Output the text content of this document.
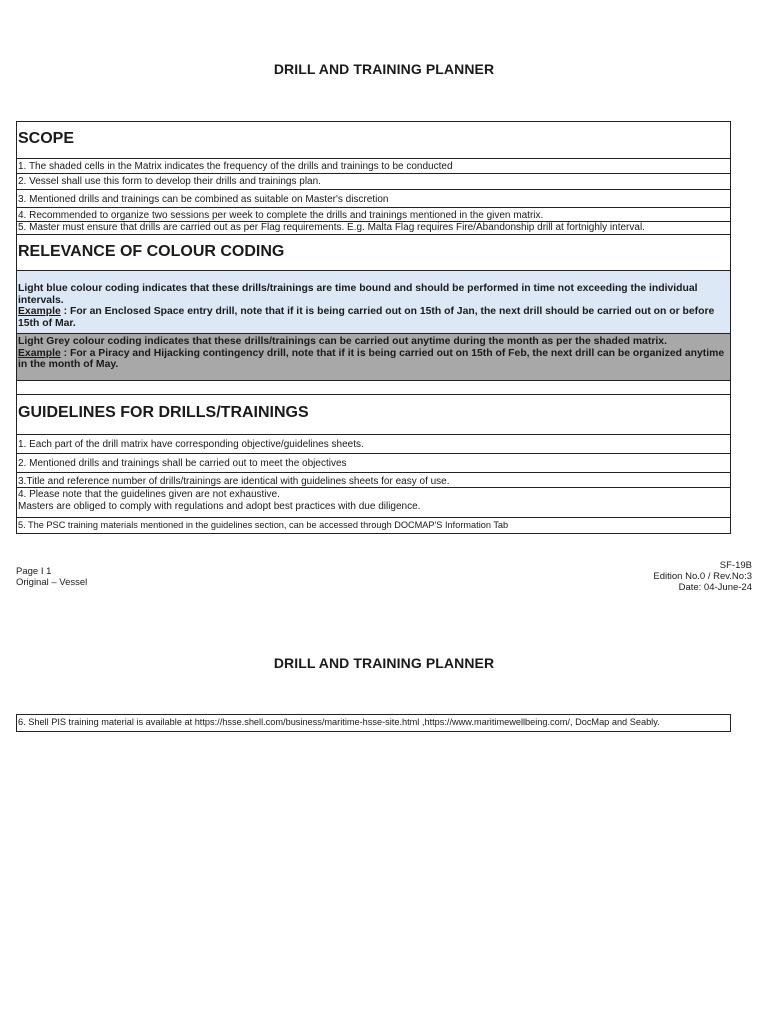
DRILL AND TRAINING PLANNER
SCOPE
1. The shaded cells in the Matrix indicates the frequency of the drills and trainings to be conducted
2. Vessel shall use this form to develop their drills and trainings plan.
3. Mentioned drills and trainings can be combined as suitable on Master's discretion
4. Recommended to organize two sessions per week to complete the drills and trainings mentioned in the given matrix.
5. Master must ensure that drills are carried out as per Flag requirements. E.g. Malta Flag requires Fire/Abandonship drill at fortnighly interval.
RELEVANCE OF COLOUR CODING
Light blue colour coding indicates that these drills/trainings are time bound and should be performed in time not exceeding the individual intervals.
Example : For an Enclosed Space entry drill, note that if it is being carried out on 15th of Jan, the next drill should be carried out on or before 15th of Mar.
Light Grey colour coding indicates that these drills/trainings can be carried out anytime during the month as per the shaded matrix.
Example : For a Piracy and Hijacking contingency drill, note that if it is being carried out on 15th of Feb, the next drill can be organized anytime in the month of May.
GUIDELINES FOR DRILLS/TRAININGS
1. Each part of the drill matrix have corresponding objective/guidelines sheets.
2. Mentioned drills and trainings shall be carried out to meet the objectives
3.Title and reference number of drills/trainings are identical with guidelines sheets for easy of use.
4. Please note that the guidelines given are not exhaustive.
Masters are obliged to comply with regulations and adopt best practices with due diligence.
5. The PSC training materials mentioned in the guidelines section, can be accessed through DOCMAP'S Information Tab
Page I 1
Original – Vessel
SF-19B
Edition No.0 / Rev.No:3
Date: 04-June-24
DRILL AND TRAINING PLANNER
6. Shell PIS training material is available at https://hsse.shell.com/business/maritime-hsse-site.html ,https://www.maritimewellbeing.com/, DocMap and Seably.
